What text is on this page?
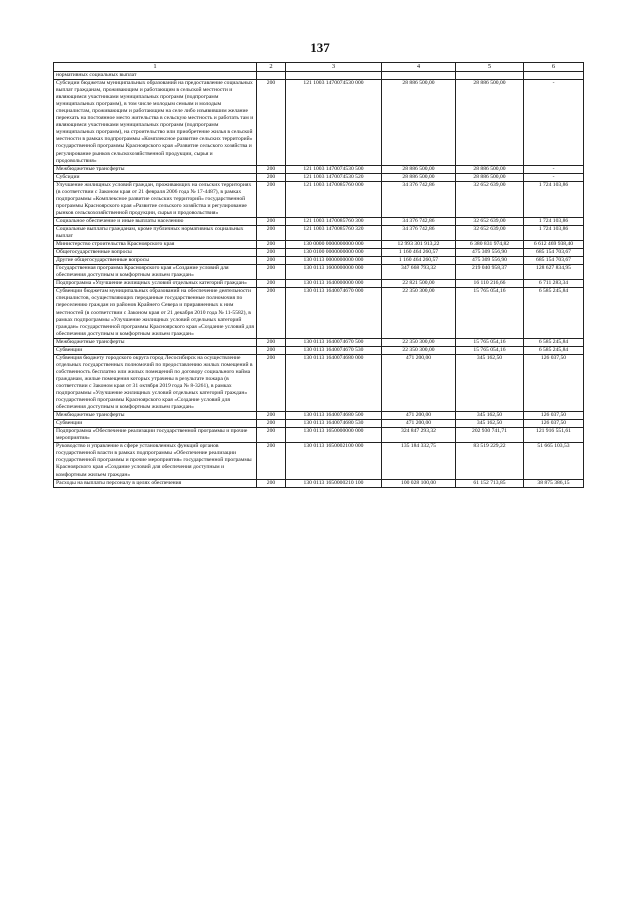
137
1	2	3	4	5	6
нормативных социальных выплат					
Субсидии бюджетам муниципальных образований на предоставление социальных выплат гражданам, проживающим и работающим в сельской местности и являющимся участниками муниципальных программ (подпрограмм муниципальных программ), в том числе молодым семьям и молодым специалистам, проживающим и работающим на селе либо изъявившим желание переехать на постоянное место жительства в сельскую местность и работать там и являющимся участниками муниципальных программ (подпрограмм муниципальных программ), на строительство или приобретение жилья в сельской местности в рамках подпрограммы «Комплексное развитие сельских территорий» государственной программы Красноярского края «Развитие сельского хозяйства и регулирование рынков сельскохозяйственной продукции, сырья и продовольствия»	200	121 1003 1470074530 000	28 886 500,00	28 886 500,00	-
Межбюджетные трансферты	200	121 1003 1470074530 500	28 886 500,00	28 886 500,00	-
Субсидии	200	121 1003 1470074530 520	28 886 500,00	28 886 500,00	-
Улучшение жилищных условий граждан, проживающих на сельских территориях (в соответствии с Законом края от 21 февраля 2006 года № 17-4487), в рамках подпрограммы «Комплексное развитие сельских территорий» государственной программы Красноярского края «Развитие сельского хозяйства и регулирование рынков сельскохозяйственной продукции, сырья и продовольствия»	200	121 1003 1470085760 000	34 376 742,86	32 652 639,00	1 724 103,86
Социальное обеспечение и иные выплаты населению	200	121 1003 1470085760 300	34 376 742,86	32 652 639,00	1 724 103,86
Социальные выплаты гражданам, кроме публичных нормативных социальных выплат	200	121 1003 1470085760 320	34 376 742,86	32 652 639,00	1 724 103,86
Министерство строительства Красноярского края	200	130 0000 0000000000 000	12 993 301 913,22	6 380 831 974,82	6 612 469 938,40
Общегосударственные вопросы	200	130 0100 0000000000 000	1 160 464 260,57	475 309 556,90	685 154 703,67
Другие общегосударственные вопросы	200	130 0113 0000000000 000	1 160 464 260,57	475 309 556,90	685 154 703,67
Государственная программа Красноярского края «Создание условий для обеспечения доступным и комфортным жильем граждан»	200	130 0113 1600000000 000	347 668 793,32	219 040 958,37	128 627 834,95
Подпрограмма «Улучшение жилищных условий отдельных категорий граждан»	200	130 0113 1640000000 000	22 821 500,00	16 110 216,66	6 711 283,34
Субвенции бюджетам муниципальных образований на обеспечение деятельности специалистов, осуществляющих переданные государственные полномочия по переселению граждан из районов Крайнего Севера и приравненных к ним местностей (в соответствии с Законом края от 21 декабря 2010 года № 11-5582), в рамках подпрограммы «Улучшение жилищных условий отдельных категорий граждан» государственной программы Красноярского края «Создание условий для обеспечения доступным и комфортным жильем граждан»	200	130 0113 1640074670 000	22 350 300,00	15 765 054,16	6 585 245,84
Межбюджетные трансферты	200	130 0113 1640074670 500	22 350 300,00	15 765 054,16	6 585 245,84
Субвенции	200	130 0113 1640074670 530	22 350 300,00	15 765 054,16	6 585 245,84
Субвенция бюджету городского округа город Лесосибирск на осуществление отдельных государственных полномочий по предоставлению жилых помещений в собственность бесплатно или жилых помещений по договору социального найма гражданам, жилые помещения которых утрачены в результате пожара (в соответствии с Законом края от 31 октября 2019 года № 8-3261), в рамках подпрограммы «Улучшение жилищных условий отдельных категорий граждан» государственной программы Красноярского края «Создание условий для обеспечения доступным и комфортным жильем граждан»	200	130 0113 1640074680 000	471 200,00	345 162,50	126 037,50
Межбюджетные трансферты	200	130 0113 1640074680 500	471 200,00	345 162,50	126 037,50
Субвенции	200	130 0113 1640074680 530	471 200,00	345 162,50	126 037,50
Подпрограмма «Обеспечение реализации государственной программы и прочие мероприятия»	200	130 0113 1650000000 000	324 847 293,32	202 930 741,71	121 916 551,61
Руководство и управление в сфере установленных функций органов государственной власти в рамках подпрограммы «Обеспечение реализации государственной программы и прочие мероприятия» государственной программы Красноярского края «Создание условий для обеспечения доступным и комфортным жильем граждан»	200	130 0113 1650002100 000	135 184 332,75	83 519 229,22	51 665 103,53
Расходы на выплаты персоналу в целях обеспечения	200	130 0113 1650000210 100	100 028 100,00	61 152 713,85	38 875 386,15
